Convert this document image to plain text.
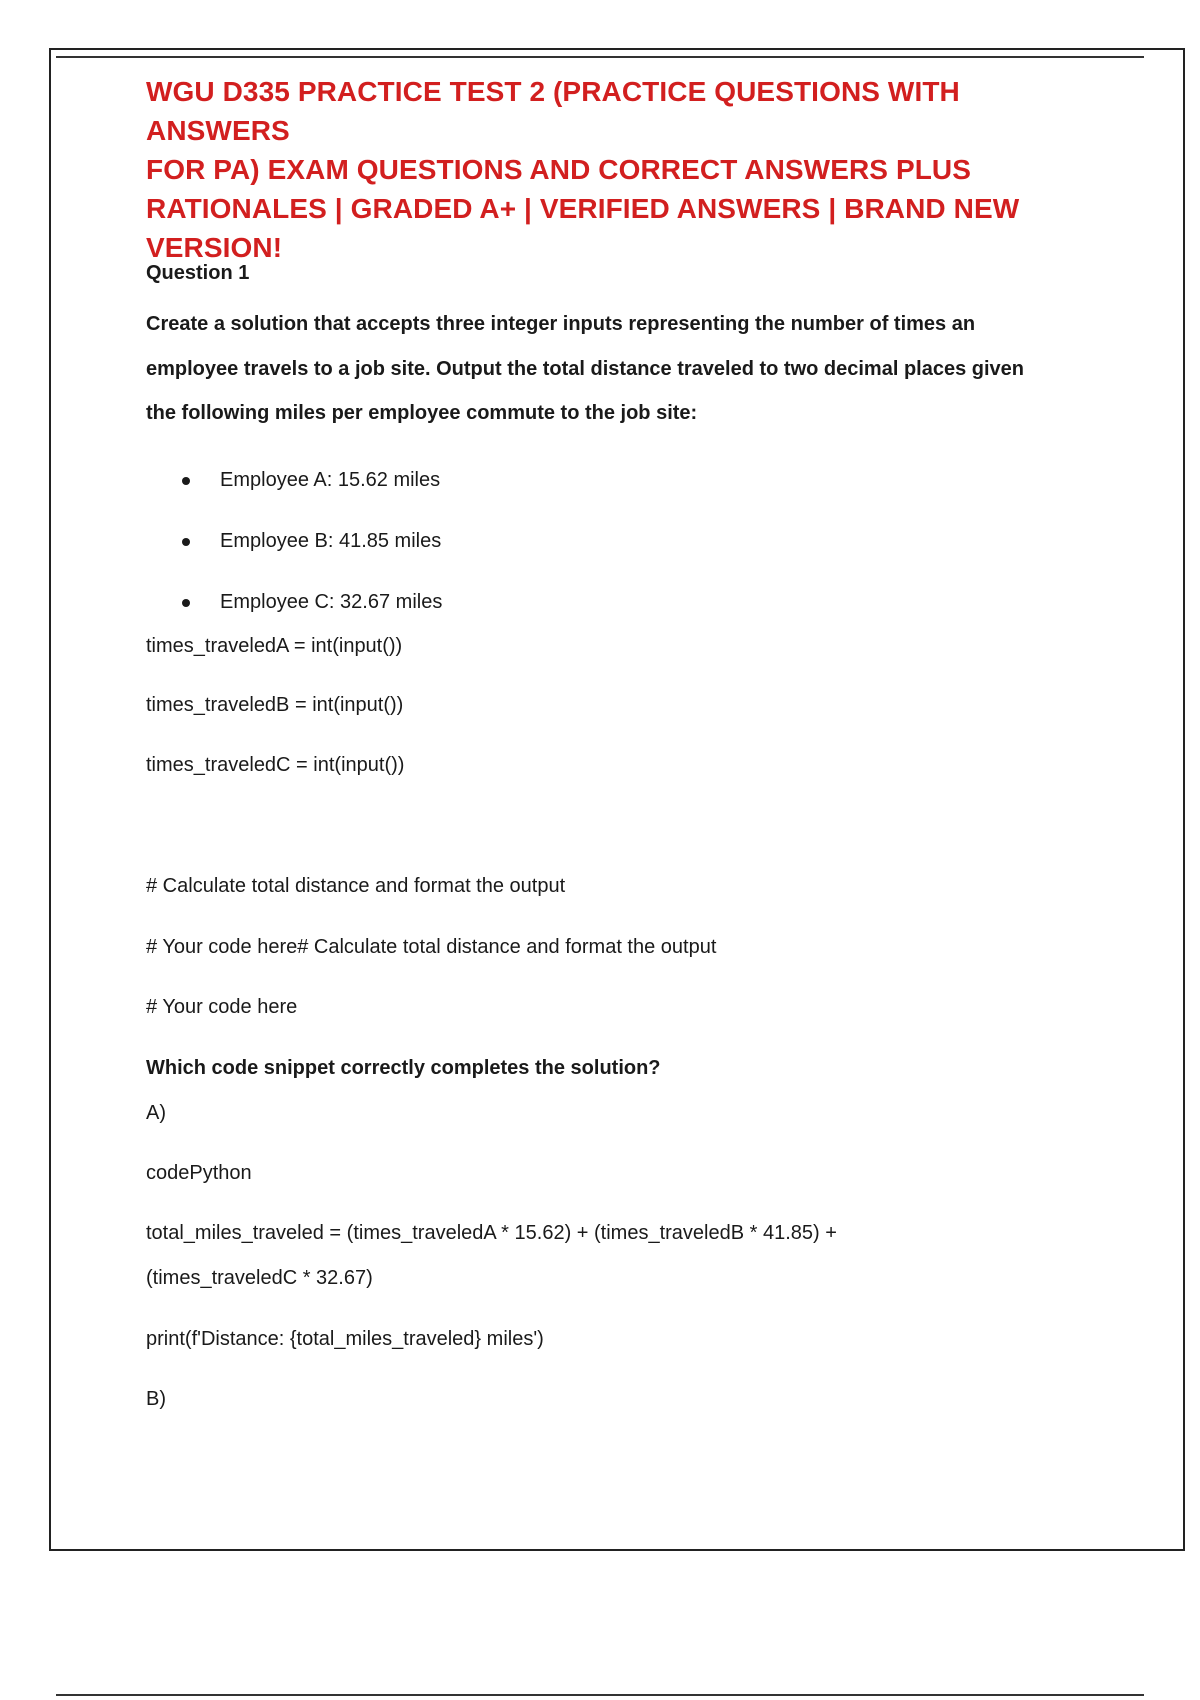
WGU D335 PRACTICE TEST 2 (PRACTICE QUESTIONS WITH ANSWERS
FOR PA) EXAM QUESTIONS AND CORRECT ANSWERS PLUS
RATIONALES | GRADED A+ | VERIFIED ANSWERS | BRAND NEW
VERSION!

Question 1

Create a solution that accepts three integer inputs representing the number of times an
employee travels to a job site. Output the total distance traveled to two decimal places given
the following miles per employee commute to the job site:
Employee A: 15.62 miles
Employee B: 41.85 miles
Employee C: 32.67 miles

times_traveledA = int(input())

times_traveledB = int(input())

times_traveledC = int(input())

# Calculate total distance and format the output

# Your code here# Calculate total distance and format the output

# Your code here

Which code snippet correctly completes the solution?

A)

codePython

total_miles_traveled = (times_traveledA * 15.62) + (times_traveledB * 41.85) +

(times_traveledC * 32.67)

print(f'Distance: {total_miles_traveled} miles')

B)
